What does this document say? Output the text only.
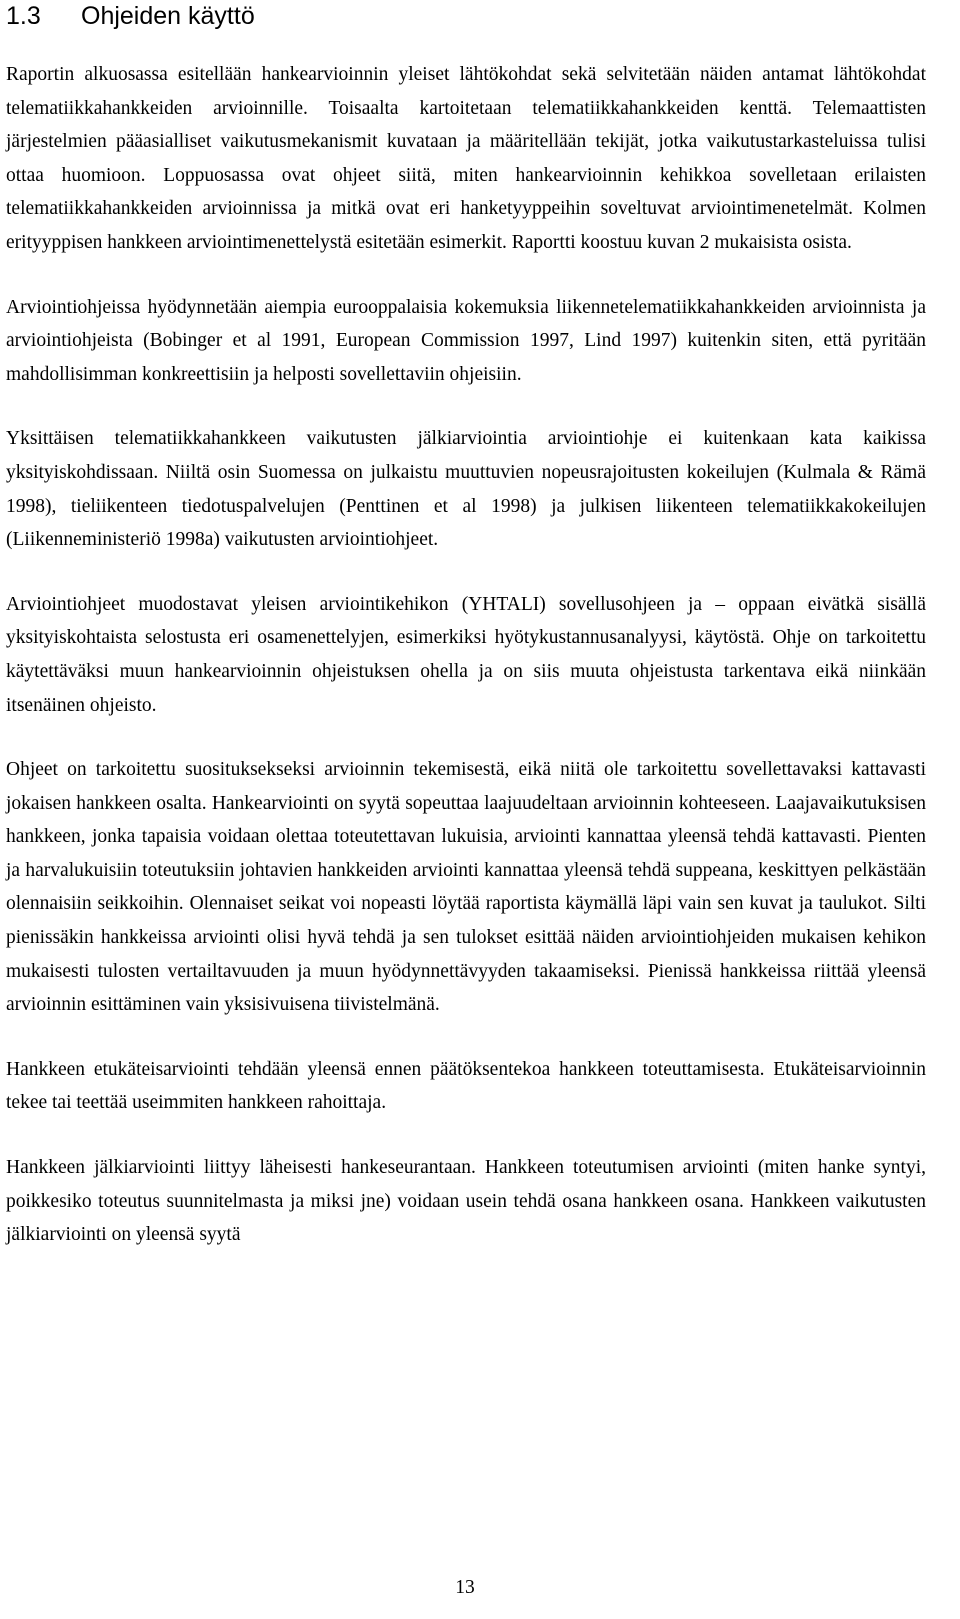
1.3 Ohjeiden käyttö

Raportin alkuosassa esitellään hankearvioinnin yleiset lähtökohdat sekä selvitetään näiden antamat lähtökohdat telematiikkahankkeiden arvioinnille. Toisaalta kartoitetaan telematiikkahankkeiden kenttä. Telemaattisten järjestelmien pääasialliset vaikutusmekanismit kuvataan ja määritellään tekijät, jotka vaikutustarkasteluissa tulisi ottaa huomioon. Loppuosassa ovat ohjeet siitä, miten hankearvioinnin kehikkoa sovelletaan erilaisten telematiikkahankkeiden arvioinnissa ja mitkä ovat eri hanketyyppeihin soveltuvat arviointimenetelmät. Kolmen erityyppisen hankkeen arviointimenettelystä esitetään esimerkit. Raportti koostuu kuvan 2 mukaisista osista.

Arviointiohjeissa hyödynnetään aiempia eurooppalaisia kokemuksia liikennetelematiikkahankkeiden arvioinnista ja arviointiohjeista (Bobinger et al 1991, European Commission 1997, Lind 1997) kuitenkin siten, että pyritään mahdollisimman konkreettisiin ja helposti sovellettaviin ohjeisiin.

Yksittäisen telematiikkahankkeen vaikutusten jälkiarviointia arviointiohje ei kuitenkaan kata kaikissa yksityiskohdissaan. Niiltä osin Suomessa on julkaistu muuttuvien nopeusrajoitusten kokeilujen (Kulmala & Rämä 1998), tieliikenteen tiedotuspalvelujen (Penttinen et al 1998) ja julkisen liikenteen telematiikkakokeilujen (Liikenneministeriö 1998a) vaikutusten arviointiohjeet.

Arviointiohjeet muodostavat yleisen arviointikehikon (YHTALI) sovellusohjeen ja – oppaan eivätkä sisällä yksityiskohtaista selostusta eri osamenettelyjen, esimerkiksi hyötykustannusanalyysi, käytöstä. Ohje on tarkoitettu käytettäväksi muun hankearvioinnin ohjeistuksen ohella ja on siis muuta ohjeistusta tarkentava eikä niinkään itsenäinen ohjeisto.

Ohjeet on tarkoitettu suosituksekseksi arvioinnin tekemisestä, eikä niitä ole tarkoitettu sovellettavaksi kattavasti jokaisen hankkeen osalta. Hankearviointi on syytä sopeuttaa laajuudeltaan arvioinnin kohteeseen. Laajavaikutuksisen hankkeen, jonka tapaisia voidaan olettaa toteutettavan lukuisia, arviointi kannattaa yleensä tehdä kattavasti. Pienten ja harvalukuisiin toteutuksiin johtavien hankkeiden arviointi kannattaa yleensä tehdä suppeana, keskittyen pelkästään olennaisiin seikkoihin. Olennaiset seikat voi nopeasti löytää raportista käymällä läpi vain sen kuvat ja taulukot. Silti pienissäkin hankkeissa arviointi olisi hyvä tehdä ja sen tulokset esittää näiden arviointiohjeiden mukaisen kehikon mukaisesti tulosten vertailtavuuden ja muun hyödynnettävyyden takaamiseksi. Pienissä hankkeissa riittää yleensä arvioinnin esittäminen vain yksisivuisena tiivistelmänä.

Hankkeen etukäteisarviointi tehdään yleensä ennen päätöksentekoa hankkeen toteuttamisesta. Etukäteisarvioinnin tekee tai teettää useimmiten hankkeen rahoittaja.

Hankkeen jälkiarviointi liittyy läheisesti hankeseurantaan. Hankkeen toteutumisen arviointi (miten hanke syntyi, poikkesiko toteutus suunnitelmasta ja miksi jne) voidaan usein tehdä osana hankkeen osana. Hankkeen vaikutusten jälkiarviointi on yleensä syytä

13
